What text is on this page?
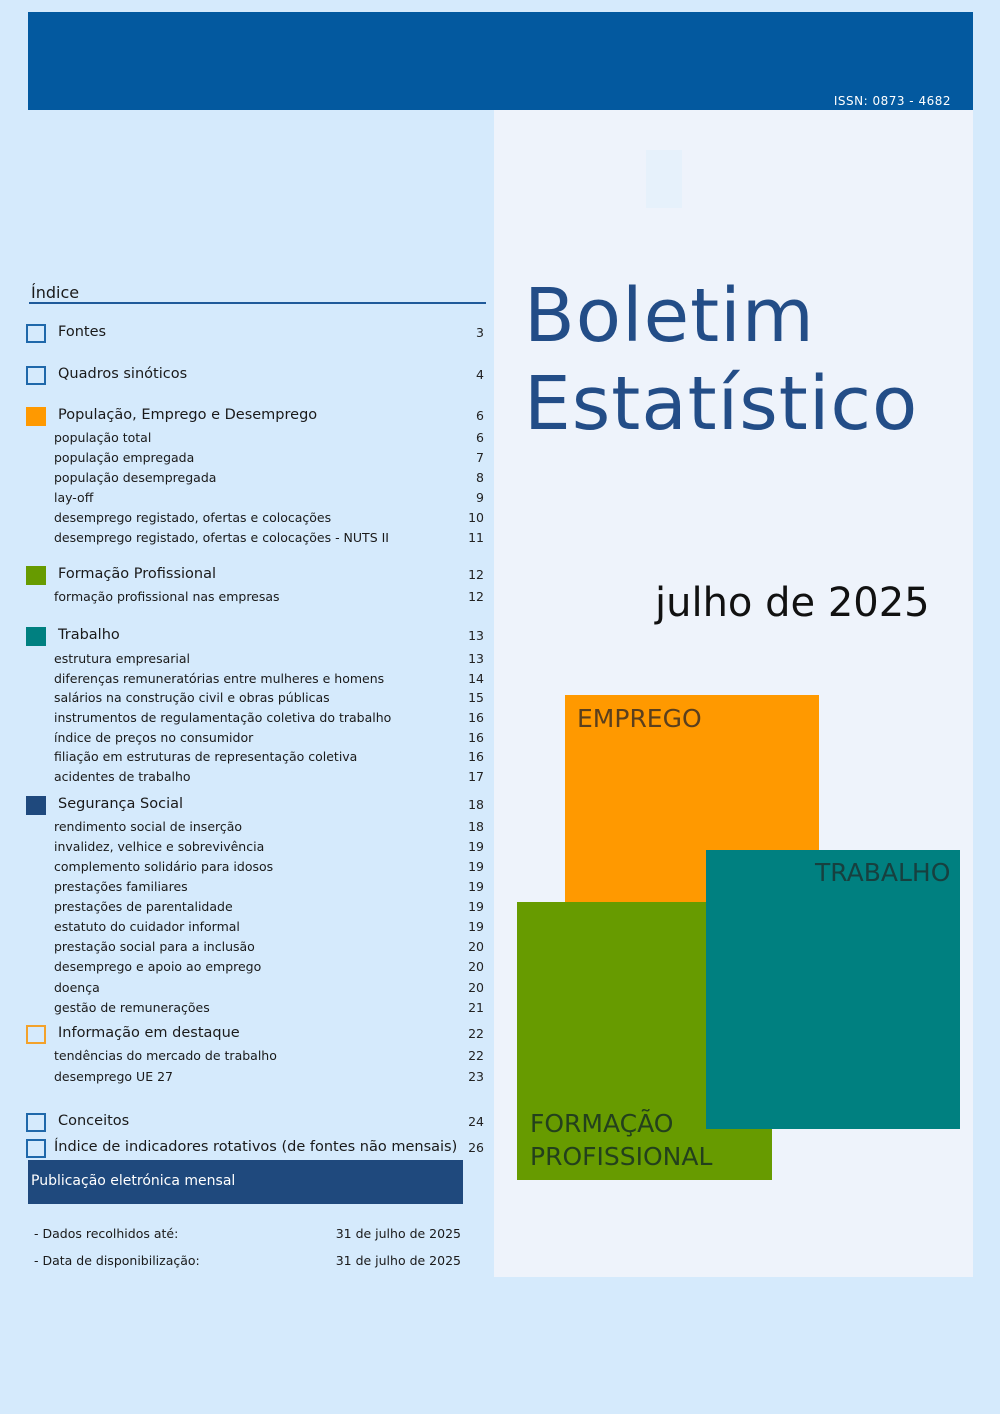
ISSN: 0873 - 4682
Boletim
Estatístico
julho de 2025
EMPREGO
TRABALHO
FORMAÇÃO
PROFISSIONAL
Índice
Fontes	3
Quadros sinóticos	4
População, Emprego e Desemprego	6
população total	6
população empregada	7
população desempregada	8
lay-off	9
desemprego registado, ofertas e colocações	10
desemprego registado, ofertas e colocações - NUTS II	11
Formação Profissional	12
formação profissional nas empresas	12
Trabalho	13
estrutura empresarial	13
diferenças remuneratórias entre mulheres e homens	14
salários na construção civil e obras públicas	15
instrumentos de regulamentação coletiva do trabalho	16
índice de preços no consumidor	16
filiação em estruturas de representação coletiva	16
acidentes de trabalho	17
Segurança Social	18
rendimento social de inserção	18
invalidez, velhice e sobrevivência	19
complemento solidário para idosos	19
prestações familiares	19
prestações de parentalidade	19
estatuto do cuidador informal	19
prestação social para a inclusão	20
desemprego e apoio ao emprego	20
doença	20
gestão de remunerações	21
Informação em destaque	22
tendências do mercado de trabalho	22
desemprego UE 27	23
Conceitos	24
Índice de indicadores rotativos (de fontes não mensais) 26
Publicação eletrónica mensal
- Dados recolhidos até:	31 de julho de 2025
- Data de disponibilização:	31 de julho de 2025
